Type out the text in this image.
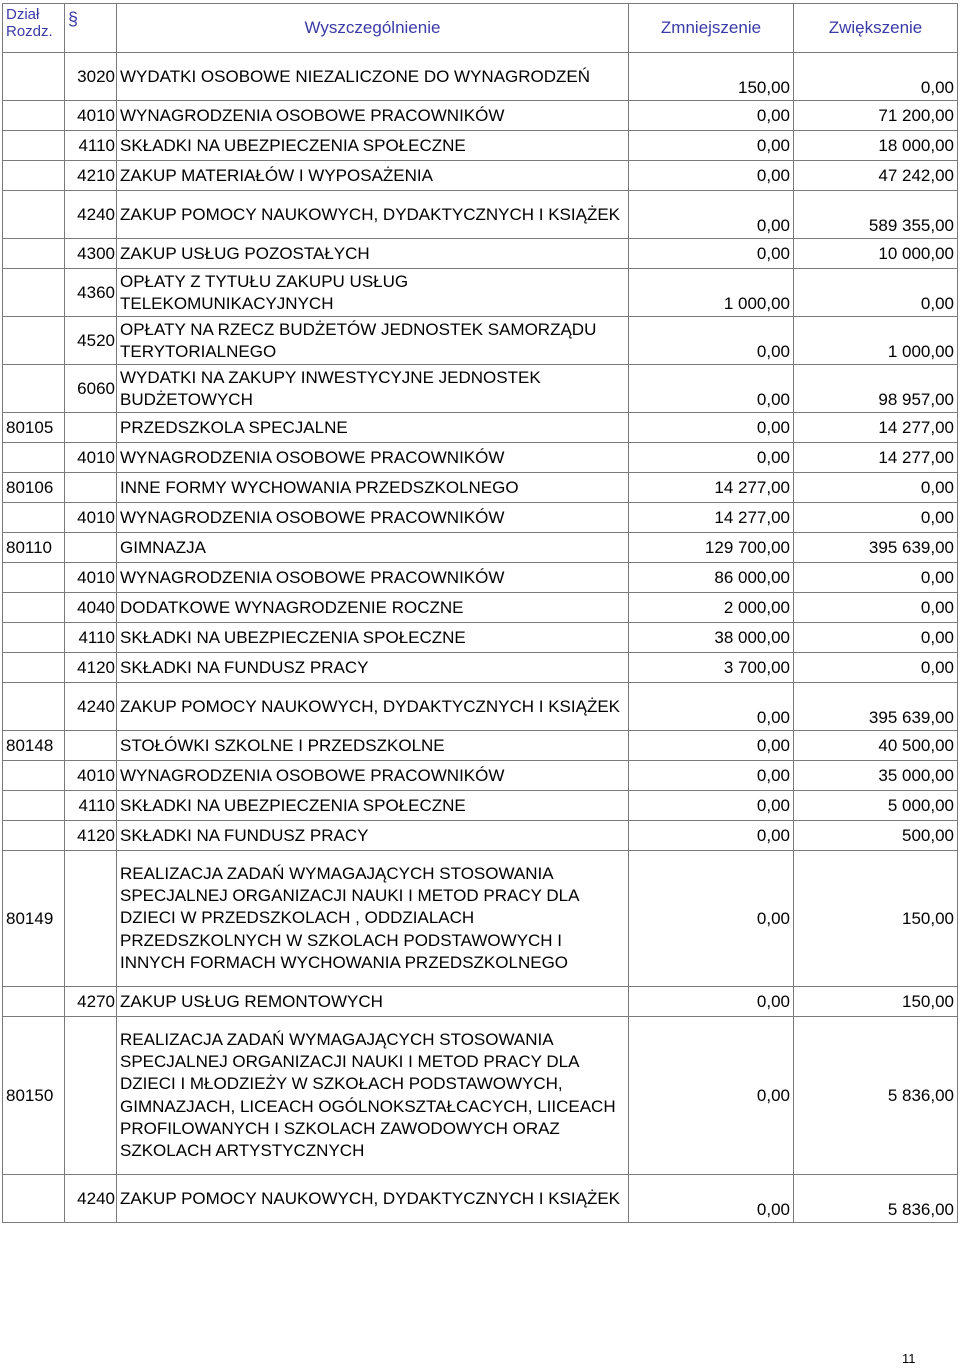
Dział
Rozdz.	§	Wyszczególnienie	Zmniejszenie	Zwiększenie
	3020	WYDATKI OSOBOWE NIEZALICZONE DO WYNAGRODZEŃ	150,00	0,00
	4010	WYNAGRODZENIA OSOBOWE PRACOWNIKÓW	0,00	71 200,00
	4110	SKŁADKI NA UBEZPIECZENIA SPOŁECZNE	0,00	18 000,00
	4210	ZAKUP MATERIAŁÓW I WYPOSAŻENIA	0,00	47 242,00
	4240	ZAKUP POMOCY NAUKOWYCH, DYDAKTYCZNYCH I KSIĄŻEK	0,00	589 355,00
	4300	ZAKUP USŁUG POZOSTAŁYCH	0,00	10 000,00
	4360	OPŁATY Z TYTUŁU ZAKUPU USŁUG TELEKOMUNIKACYJNYCH	1 000,00	0,00
	4520	OPŁATY NA RZECZ BUDŻETÓW JEDNOSTEK SAMORZĄDU TERYTORIALNEGO	0,00	1 000,00
	6060	WYDATKI NA ZAKUPY INWESTYCYJNE JEDNOSTEK BUDŻETOWYCH	0,00	98 957,00
80105		PRZEDSZKOLA SPECJALNE	0,00	14 277,00
	4010	WYNAGRODZENIA OSOBOWE PRACOWNIKÓW	0,00	14 277,00
80106		INNE FORMY WYCHOWANIA PRZEDSZKOLNEGO	14 277,00	0,00
	4010	WYNAGRODZENIA OSOBOWE PRACOWNIKÓW	14 277,00	0,00
80110		GIMNAZJA	129 700,00	395 639,00
	4010	WYNAGRODZENIA OSOBOWE PRACOWNIKÓW	86 000,00	0,00
	4040	DODATKOWE WYNAGRODZENIE ROCZNE	2 000,00	0,00
	4110	SKŁADKI NA UBEZPIECZENIA SPOŁECZNE	38 000,00	0,00
	4120	SKŁADKI NA FUNDUSZ PRACY	3 700,00	0,00
	4240	ZAKUP POMOCY NAUKOWYCH, DYDAKTYCZNYCH I KSIĄŻEK	0,00	395 639,00
80148		STOŁÓWKI SZKOLNE I PRZEDSZKOLNE	0,00	40 500,00
	4010	WYNAGRODZENIA OSOBOWE PRACOWNIKÓW	0,00	35 000,00
	4110	SKŁADKI NA UBEZPIECZENIA SPOŁECZNE	0,00	5 000,00
	4120	SKŁADKI NA FUNDUSZ PRACY	0,00	500,00
80149		REALIZACJA ZADAŃ WYMAGAJĄCYCH STOSOWANIA SPECJALNEJ ORGANIZACJI NAUKI I METOD PRACY DLA DZIECI W PRZEDSZKOLACH , ODDZIALACH PRZEDSZKOLNYCH W SZKOLACH PODSTAWOWYCH I INNYCH FORMACH WYCHOWANIA PRZEDSZKOLNEGO	0,00	150,00
	4270	ZAKUP USŁUG REMONTOWYCH	0,00	150,00
80150		REALIZACJA ZADAŃ WYMAGAJĄCYCH STOSOWANIA SPECJALNEJ ORGANIZACJI NAUKI I METOD PRACY DLA DZIECI I MŁODZIEŻY W SZKOŁACH PODSTAWOWYCH, GIMNAZJACH, LICEACH OGÓLNOKSZTAŁCACYCH, LIICEACH PROFILOWANYCH I SZKOLACH ZAWODOWYCH ORAZ SZKOLACH ARTYSTYCZNYCH	0,00	5 836,00
	4240	ZAKUP POMOCY NAUKOWYCH, DYDAKTYCZNYCH I KSIĄŻEK	0,00	5 836,00
11
